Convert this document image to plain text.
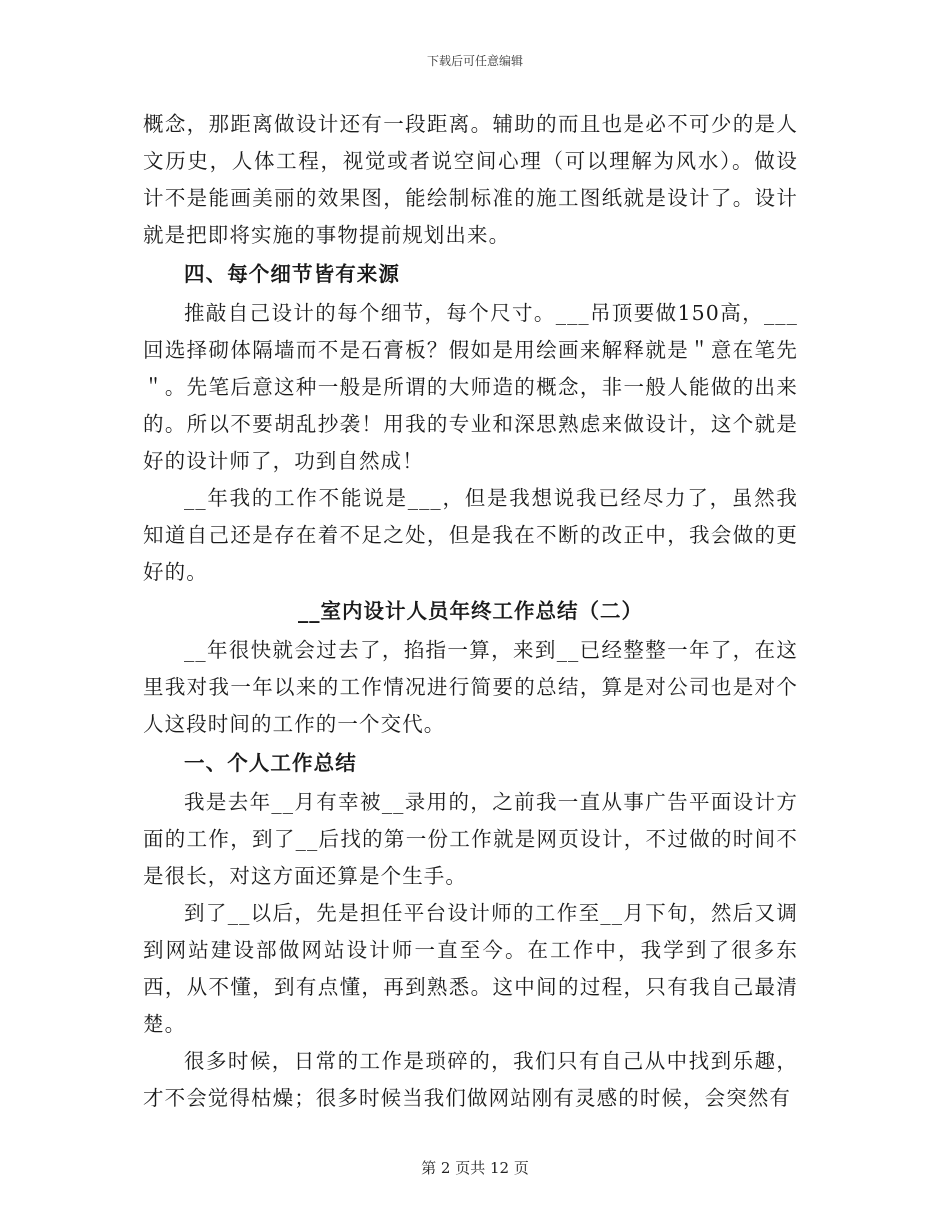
下载后可任意编辑

概念，那距离做设计还有一段距离。辅助的而且也是必不可少的是人文历史，人体工程，视觉或者说空间心理（可以理解为风水）。做设计不是能画美丽的效果图，能绘制标准的施工图纸就是设计了。设计就是把即将实施的事物提前规划出来。

四、每个细节皆有来源

推敲自己设计的每个细节，每个尺寸。___吊顶要做150高，___回选择砌体隔墙而不是石膏板？假如是用绘画来解释就是＂意在笔先＂。先笔后意这种一般是所谓的大师造的概念，非一般人能做的出来的。所以不要胡乱抄袭！用我的专业和深思熟虑来做设计，这个就是好的设计师了，功到自然成！

__年我的工作不能说是___，但是我想说我已经尽力了，虽然我知道自己还是存在着不足之处，但是我在不断的改正中，我会做的更好的。

__室内设计人员年终工作总结（二）

__年很快就会过去了，掐指一算，来到__已经整整一年了，在这里我对我一年以来的工作情况进行简要的总结，算是对公司也是对个人这段时间的工作的一个交代。

一、个人工作总结

我是去年__月有幸被__录用的，之前我一直从事广告平面设计方面的工作，到了__后找的第一份工作就是网页设计，不过做的时间不是很长，对这方面还算是个生手。

到了__以后，先是担任平台设计师的工作至__月下旬，然后又调到网站建设部做网站设计师一直至今。在工作中，我学到了很多东西，从不懂，到有点懂，再到熟悉。这中间的过程，只有我自己最清楚。

很多时候，日常的工作是琐碎的，我们只有自己从中找到乐趣，才不会觉得枯燥；很多时候当我们做网站刚有灵感的时候，会突然有

第 2 页共 12 页
